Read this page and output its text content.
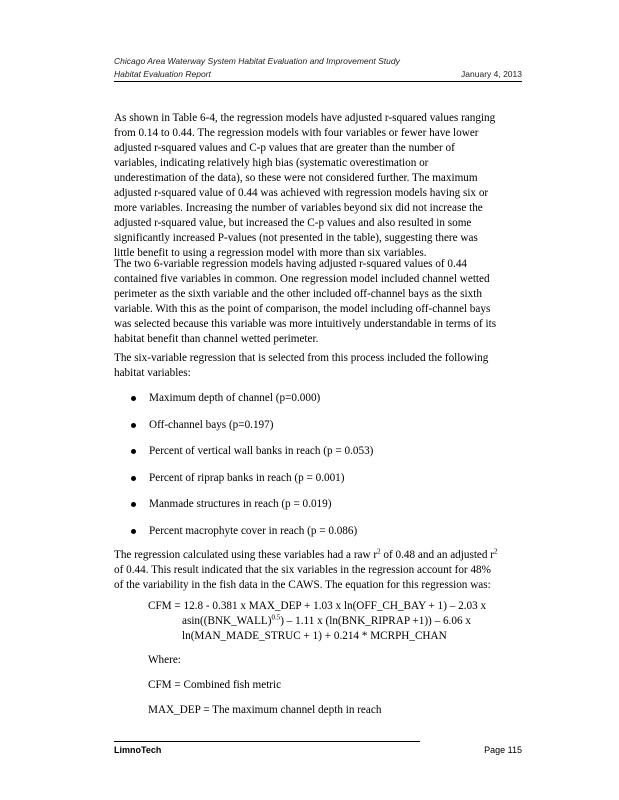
Chicago Area Waterway System Habitat Evaluation and Improvement Study
Habitat Evaluation Report	January 4, 2013
As shown in Table 6-4, the regression models have adjusted r-squared values ranging
from 0.14 to 0.44. The regression models with four variables or fewer have lower
adjusted r-squared values and C-p values that are greater than the number of
variables, indicating relatively high bias (systematic overestimation or
underestimation of the data), so these were not considered further. The maximum
adjusted r-squared value of 0.44 was achieved with regression models having six or
more variables. Increasing the number of variables beyond six did not increase the
adjusted r-squared value, but increased the C-p values and also resulted in some
significantly increased P-values (not presented in the table), suggesting there was
little benefit to using a regression model with more than six variables.
The two 6-variable regression models having adjusted r-squared values of 0.44
contained five variables in common. One regression model included channel wetted
perimeter as the sixth variable and the other included off-channel bays as the sixth
variable. With this as the point of comparison, the model including off-channel bays
was selected because this variable was more intuitively understandable in terms of its
habitat benefit than channel wetted perimeter.
The six-variable regression that is selected from this process included the following
habitat variables:
Maximum depth of channel (p=0.000)
Off-channel bays (p=0.197)
Percent of vertical wall banks in reach (p = 0.053)
Percent of riprap banks in reach (p = 0.001)
Manmade structures in reach (p = 0.019)
Percent macrophyte cover in reach (p = 0.086)
The regression calculated using these variables had a raw $r^2$ of 0.48 and an adjusted $r^2$
of 0.44. This result indicated that the six variables in the regression account for 48%
of the variability in the fish data in the CAWS. The equation for this regression was:
CFM = 12.8 - 0.381 x MAX_DEP + 1.03 x ln(OFF_CH_BAY + 1) – 2.03 x
asin((BNK_WALL)$^{0.5}$) – 1.11 x (ln(BNK_RIPRAP +1)) – 6.06 x
ln(MAN_MADE_STRUC + 1) + 0.214 * MCRPH_CHAN
Where:
CFM = Combined fish metric
MAX_DEP = The maximum channel depth in reach
LimnoTech	Page 115
